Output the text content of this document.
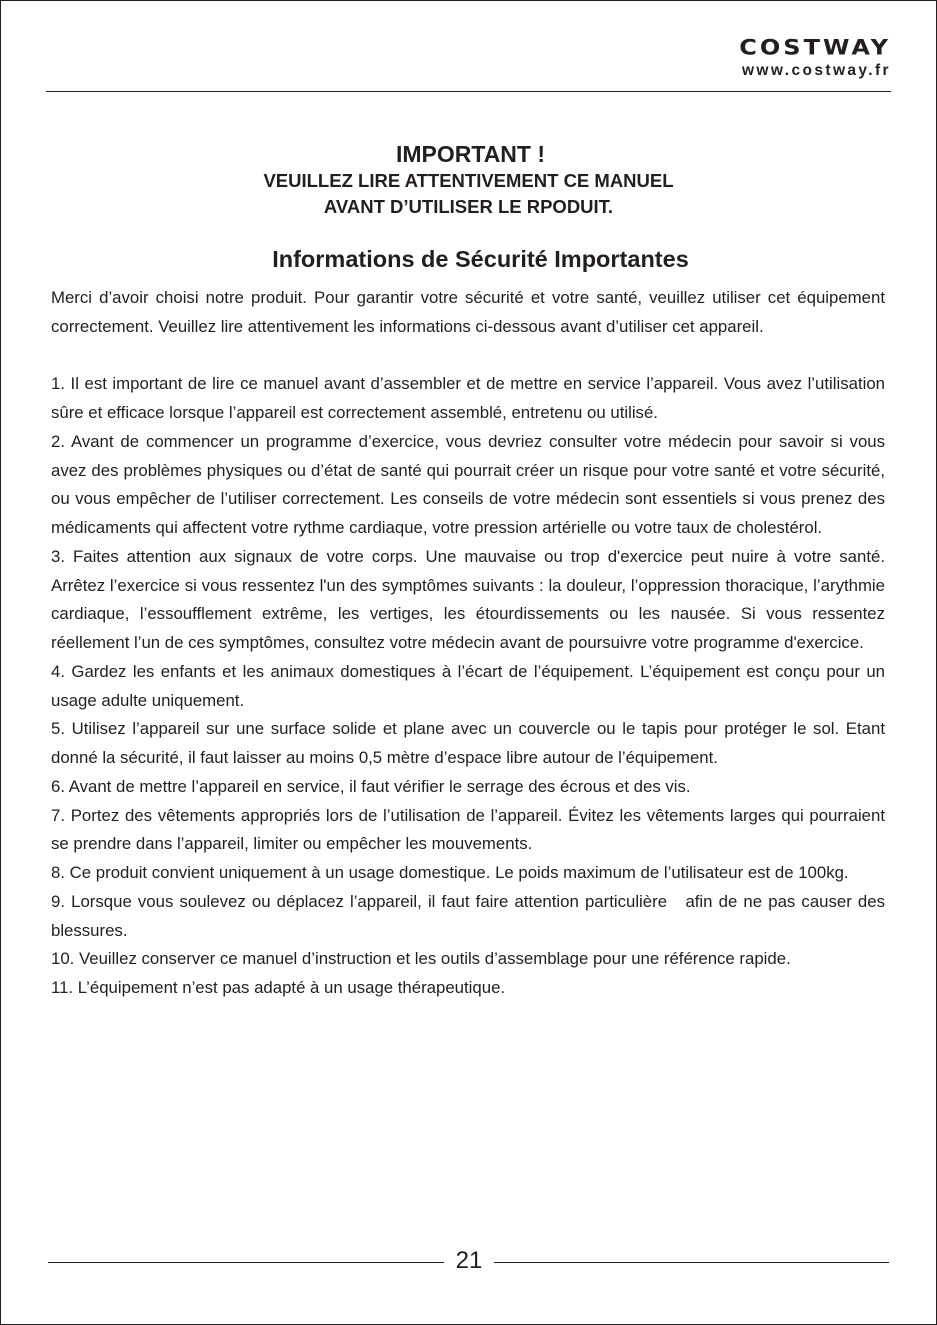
COSTWAY
www.costway.fr
IMPORTANT !
VEUILLEZ LIRE ATTENTIVEMENT CE MANUEL
AVANT D’UTILISER LE RPODUIT.
Informations de Sécurité Importantes

Merci d’avoir choisi notre produit. Pour garantir votre sécurité et votre santé, veuillez utiliser cet équipement correctement. Veuillez lire attentivement les informations ci-dessous avant d’utiliser cet appareil.

1. Il est important de lire ce manuel avant d’assembler et de mettre en service l’appareil. Vous avez l’utilisation sûre et efficace lorsque l’appareil est correctement assemblé, entretenu ou utilisé.

2. Avant de commencer un programme d’exercice, vous devriez consulter votre médecin pour savoir si vous avez des problèmes physiques ou d’état de santé qui pourrait créer un risque pour votre santé et votre sécurité, ou vous empêcher de l’utiliser correctement. Les conseils de votre médecin sont essentiels si vous prenez des médicaments qui affectent votre rythme cardiaque, votre pression artérielle ou votre taux de cholestérol.

3. Faites attention aux signaux de votre corps. Une mauvaise ou trop d'exercice peut nuire à votre santé. Arrêtez l’exercice si vous ressentez l'un des symptômes suivants : la douleur, l’oppression thoracique, l’arythmie cardiaque, l’essoufflement extrême, les vertiges, les étourdissements ou les nausée. Si vous ressentez réellement l’un de ces symptômes, consultez votre médecin avant de poursuivre votre programme d'exercice.

4. Gardez les enfants et les animaux domestiques à l’écart de l’équipement. L’équipement est conçu pour un usage adulte uniquement.

5. Utilisez l’appareil sur une surface solide et plane avec un couvercle ou le tapis pour protéger le sol. Etant donné la sécurité, il faut laisser au moins 0,5 mètre d’espace libre autour de l’équipement.

6. Avant de mettre l’appareil en service, il faut vérifier le serrage des écrous et des vis.

7. Portez des vêtements appropriés lors de l’utilisation de l’appareil. Évitez les vêtements larges qui pourraient se prendre dans l’appareil, limiter ou empêcher les mouvements.

8. Ce produit convient uniquement à un usage domestique. Le poids maximum de l’utilisateur est de 100kg.

9. Lorsque vous soulevez ou déplacez l’appareil, il faut faire attention particulière   afin de ne pas causer des blessures.

10. Veuillez conserver ce manuel d’instruction et les outils d’assemblage pour une référence rapide.

11. L’équipement n’est pas adapté à un usage thérapeutique.

21
